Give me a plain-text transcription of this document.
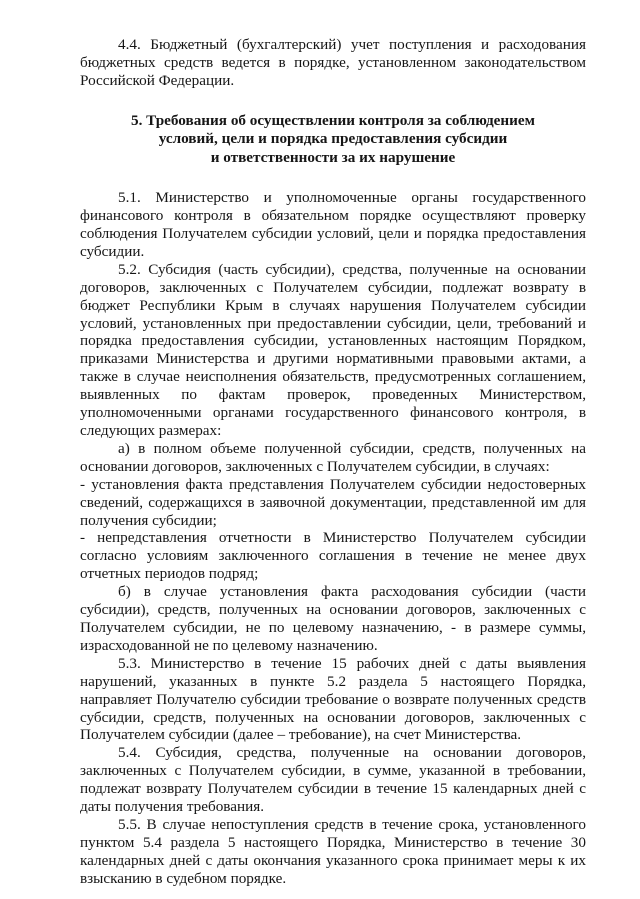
4.4. Бюджетный (бухгалтерский) учет поступления и расходования бюджетных средств ведется в порядке, установленном законодательством Российской Федерации.

5. Требования об осуществлении контроля за соблюдением
условий, цели и порядка предоставления субсидии
и ответственности за их нарушение

5.1. Министерство и уполномоченные органы государственного финансового контроля в обязательном порядке осуществляют проверку соблюдения Получателем субсидии условий, цели и порядка предоставления субсидии.

5.2. Субсидия (часть субсидии), средства, полученные на основании договоров, заключенных с Получателем субсидии, подлежат возврату в бюджет Республики Крым в случаях нарушения Получателем субсидии условий, установленных при предоставлении субсидии, цели, требований и порядка предоставления субсидии, установленных настоящим Порядком, приказами Министерства и другими нормативными правовыми актами, а также в случае неисполнения обязательств, предусмотренных соглашением, выявленных по фактам проверок, проведенных Министерством, уполномоченными органами государственного финансового контроля, в следующих размерах:

а) в полном объеме полученной субсидии, средств, полученных на основании договоров, заключенных с Получателем субсидии, в случаях:

- установления факта представления Получателем субсидии недостоверных сведений, содержащихся в заявочной документации, представленной им для получения субсидии;

- непредставления отчетности в Министерство Получателем субсидии согласно условиям заключенного соглашения в течение не менее двух отчетных периодов подряд;

б) в случае установления факта расходования субсидии (части субсидии), средств, полученных на основании договоров, заключенных с Получателем субсидии, не по целевому назначению, - в размере суммы, израсходованной не по целевому назначению.

5.3. Министерство в течение 15 рабочих дней с даты выявления нарушений, указанных в пункте 5.2 раздела 5 настоящего Порядка, направляет Получателю субсидии требование о возврате полученных средств субсидии, средств, полученных на основании договоров, заключенных с Получателем субсидии (далее – требование), на счет Министерства.

5.4. Субсидия, средства, полученные на основании договоров, заключенных с Получателем субсидии, в сумме, указанной в требовании, подлежат возврату Получателем субсидии в течение 15 календарных дней с даты получения требования.

5.5. В случае непоступления средств в течение срока, установленного пунктом 5.4 раздела 5 настоящего Порядка, Министерство в течение 30 календарных дней с даты окончания указанного срока принимает меры к их взысканию в судебном порядке.
